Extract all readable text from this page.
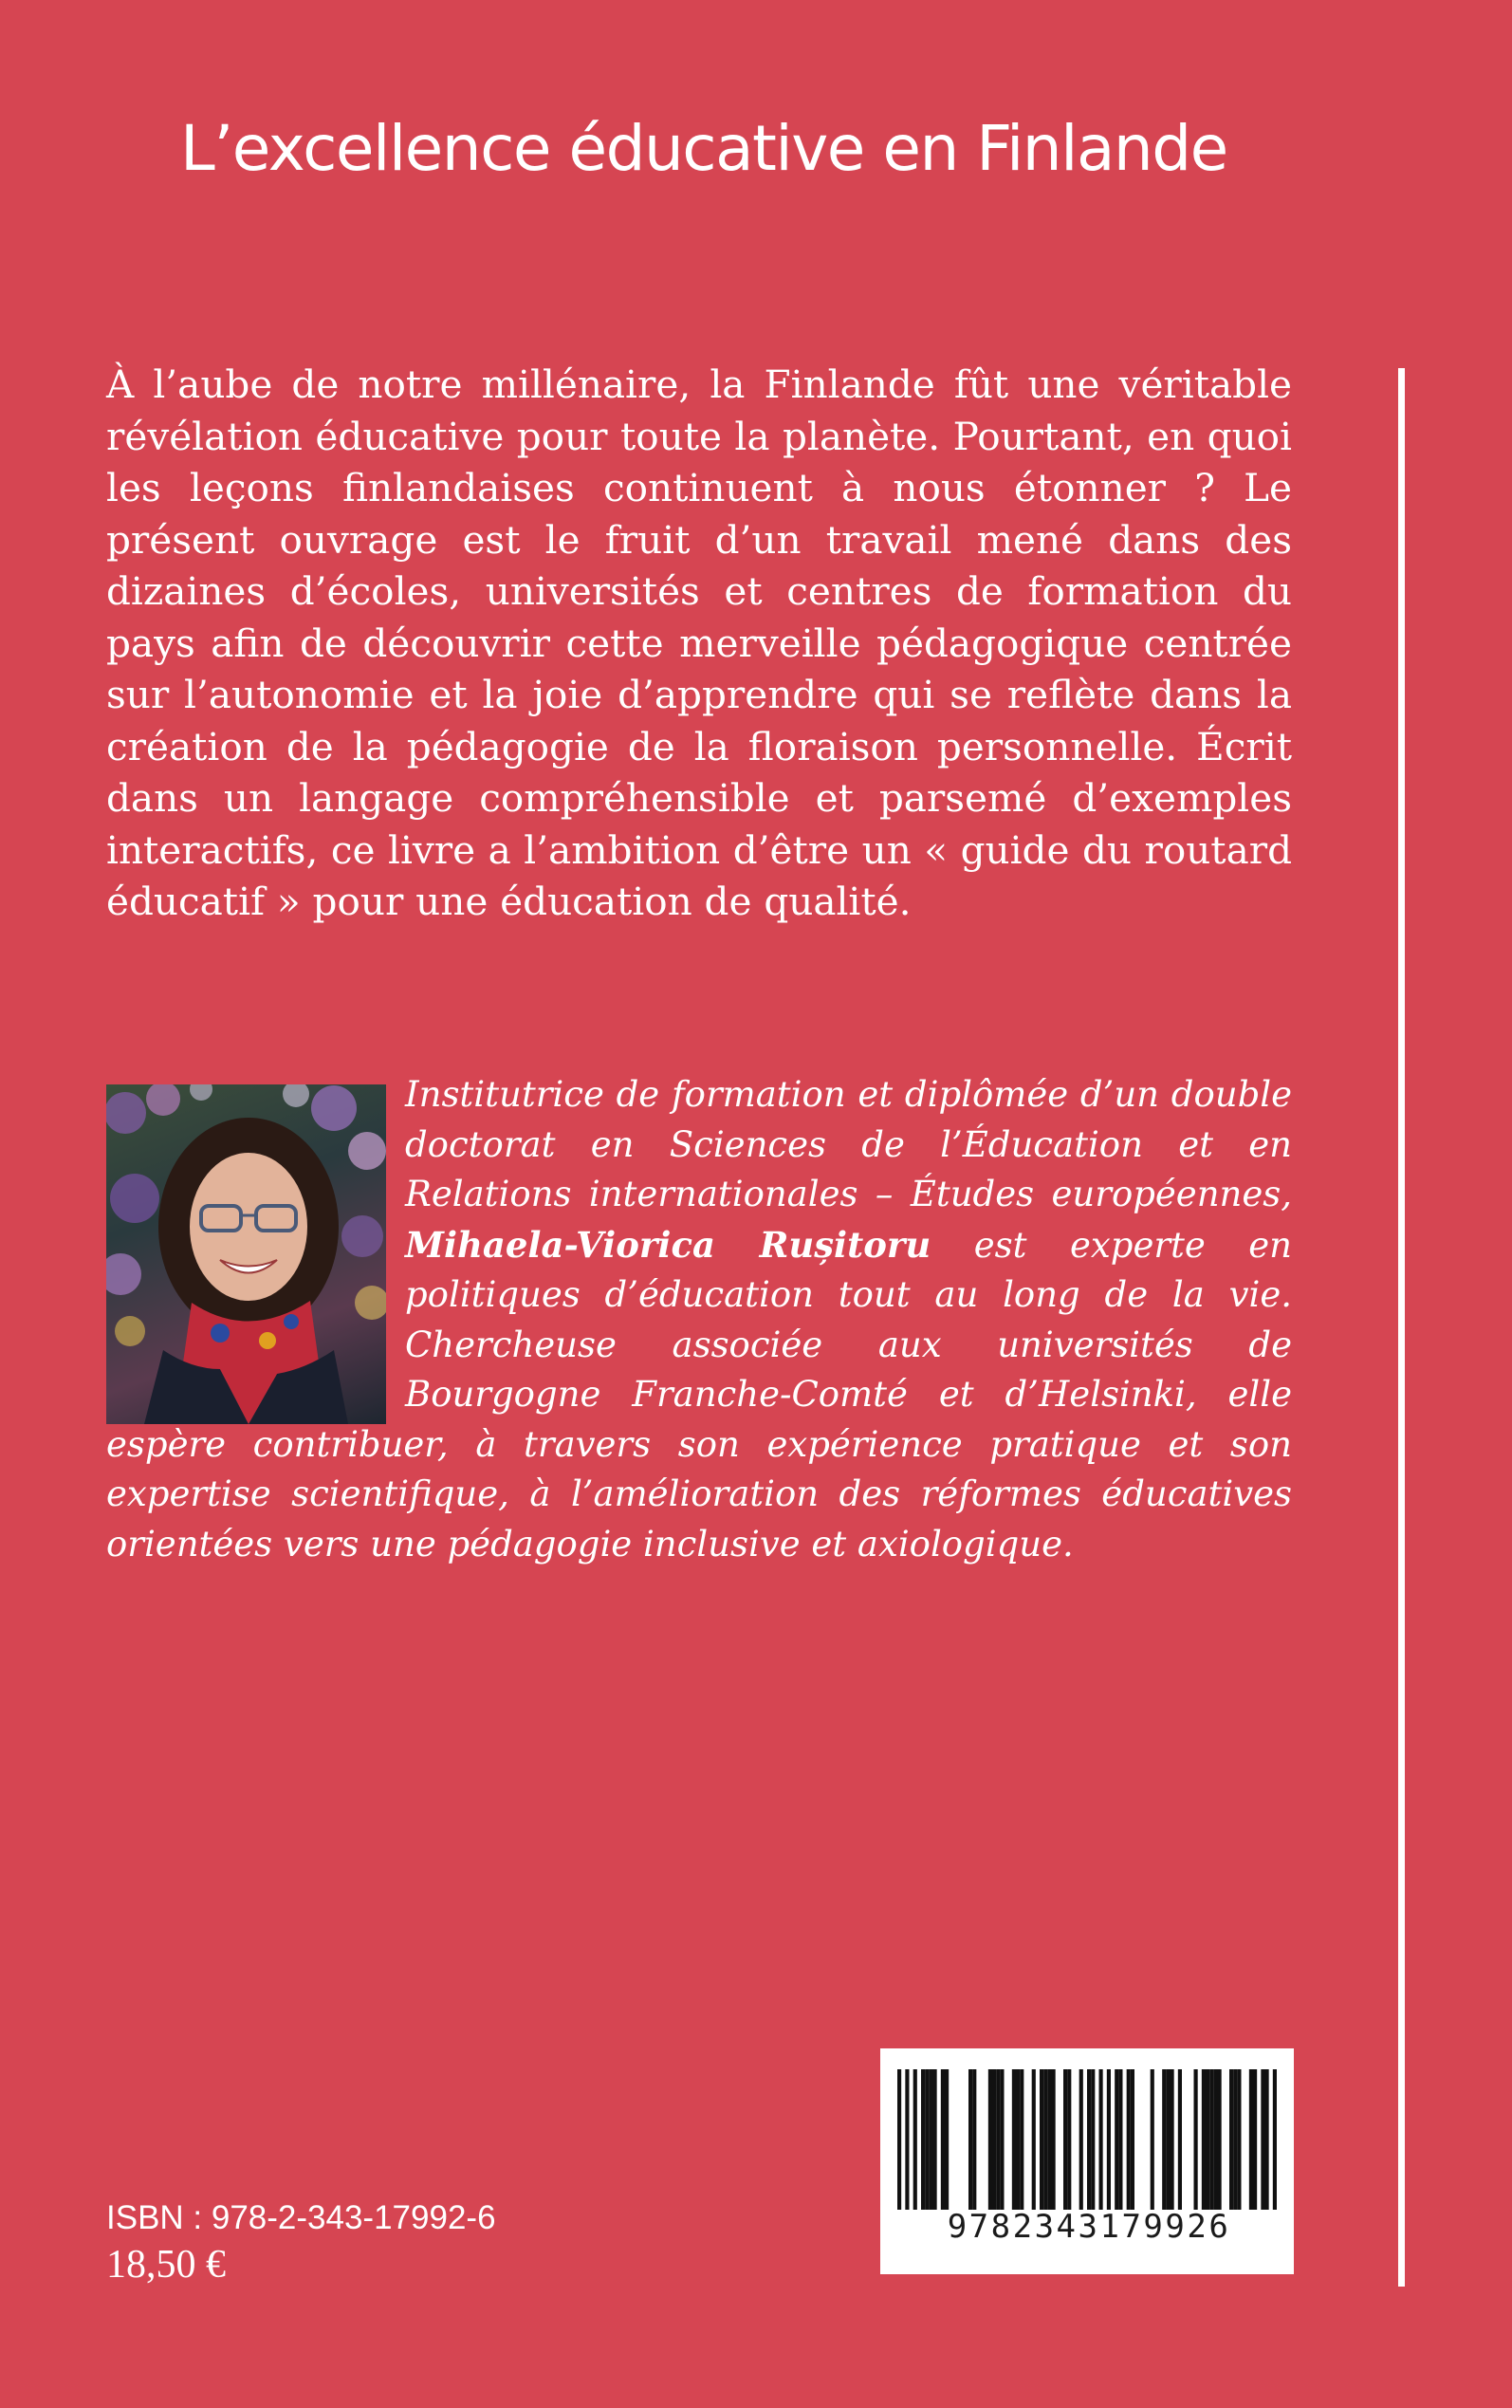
L’excellence éducative en Finlande
À l’aube de notre millénaire, la Finlande fût une véritable révélation éducative pour toute la planète. Pourtant, en quoi les leçons finlandaises continuent à nous étonner ? Le présent ouvrage est le fruit d’un travail mené dans des dizaines d’écoles, universités et centres de formation du pays afin de découvrir cette merveille pédagogique centrée sur l’autonomie et la joie d’apprendre qui se reflète dans la création de la pédagogie de la floraison personnelle. Écrit dans un langage compréhensible et parsemé d’exemples interactifs, ce livre a l’ambition d’être un « guide du routard éducatif » pour une éducation de qualité.
Institutrice de formation et diplômée d’un double doctorat en Sciences de l’Éducation et en Relations internationales – Études européennes, Mihaela-Viorica Rușitoru est experte en politiques d’éducation tout au long de la vie. Chercheuse associée aux universités de Bourgogne Franche-Comté et d’Helsinki, elle espère contribuer, à travers son expérience pratique et son expertise scientifique, à l’amélioration des réformes éducatives orientées vers une pédagogie inclusive et axiologique.
9782343179926
ISBN : 978-2-343-17992-6
18,50 €
